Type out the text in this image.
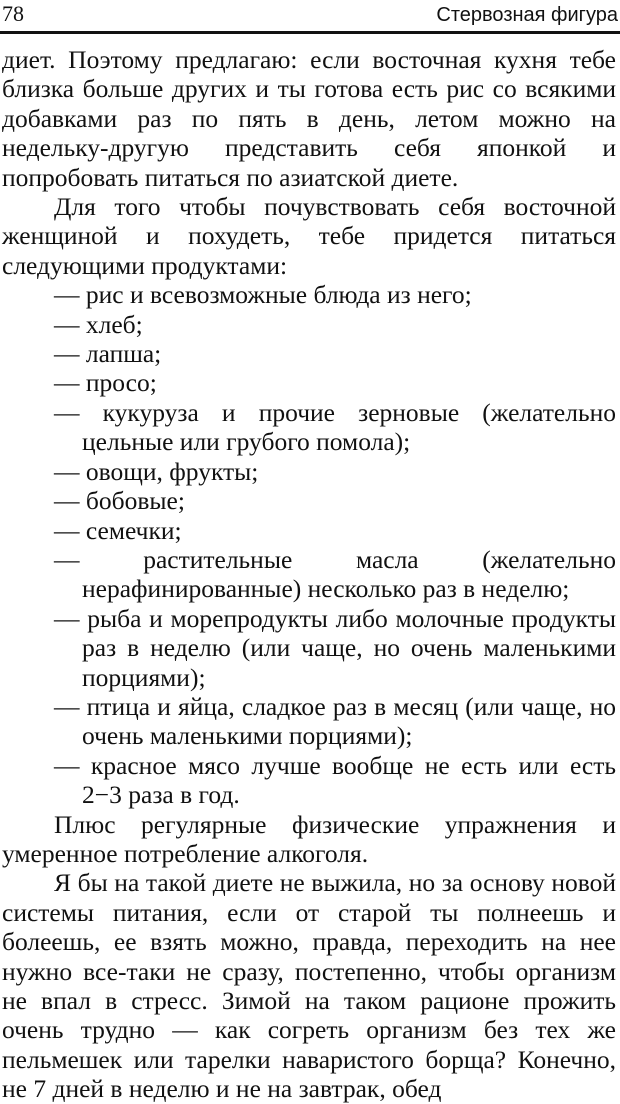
78	Стервозная фигура

диет. Поэтому предлагаю: если восточная кухня тебе близка больше других и ты готова есть рис со всякими добавками раз по пять в день, летом можно на недельку-другую представить себя японкой и попробовать питаться по азиатской диете.

Для того чтобы почувствовать себя восточной женщиной и похудеть, тебе придется питаться следующими продуктами:

— рис и всевозможные блюда из него;
— хлеб;
— лапша;
— просо;
— кукуруза и прочие зерновые (желательно цельные или грубого помола);
— овощи, фрукты;
— бобовые;
— семечки;
— растительные масла (желательно нерафинированные) несколько раз в неделю;
— рыба и морепродукты либо молочные продукты раз в неделю (или чаще, но очень маленькими порциями);
— птица и яйца, сладкое раз в месяц (или чаще, но очень маленькими порциями);
— красное мясо лучше вообще не есть или есть 2−3 раза в год.

Плюс регулярные физические упражнения и умеренное потребление алкоголя.

Я бы на такой диете не выжила, но за основу новой системы питания, если от старой ты полнеешь и болеешь, ее взять можно, правда, переходить на нее нужно все-таки не сразу, постепенно, чтобы организм не впал в стресс. Зимой на таком рационе прожить очень трудно — как согреть организм без тех же пельмешек или тарелки наваристого борща? Конечно, не 7 дней в неделю и не на завтрак, обед
